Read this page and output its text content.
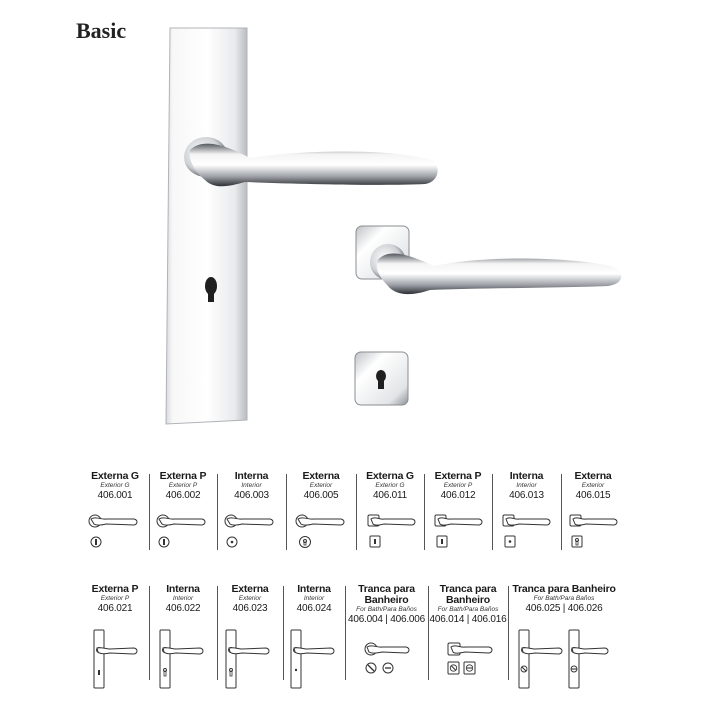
Basic
Externa G
Exterior G
406.001
Externa P
Exterior P
406.002
Interna
Interior
406.003
Externa
Exterior
406.005
Externa G
Exterior G
406.011
Externa P
Exterior P
406.012
Interna
Interior
406.013
Externa
Exterior
406.015
Externa P
Exterior P
406.021
Interna
Interior
406.022
Externa
Exterior
406.023
Interna
Interior
406.024
Tranca para Banheiro
For Bath/Para Baños
406.004 | 406.006
Tranca para Banheiro
For Bath/Para Baños
406.014 | 406.016
Tranca para Banheiro
For Bath/Para Baños
406.025 | 406.026
